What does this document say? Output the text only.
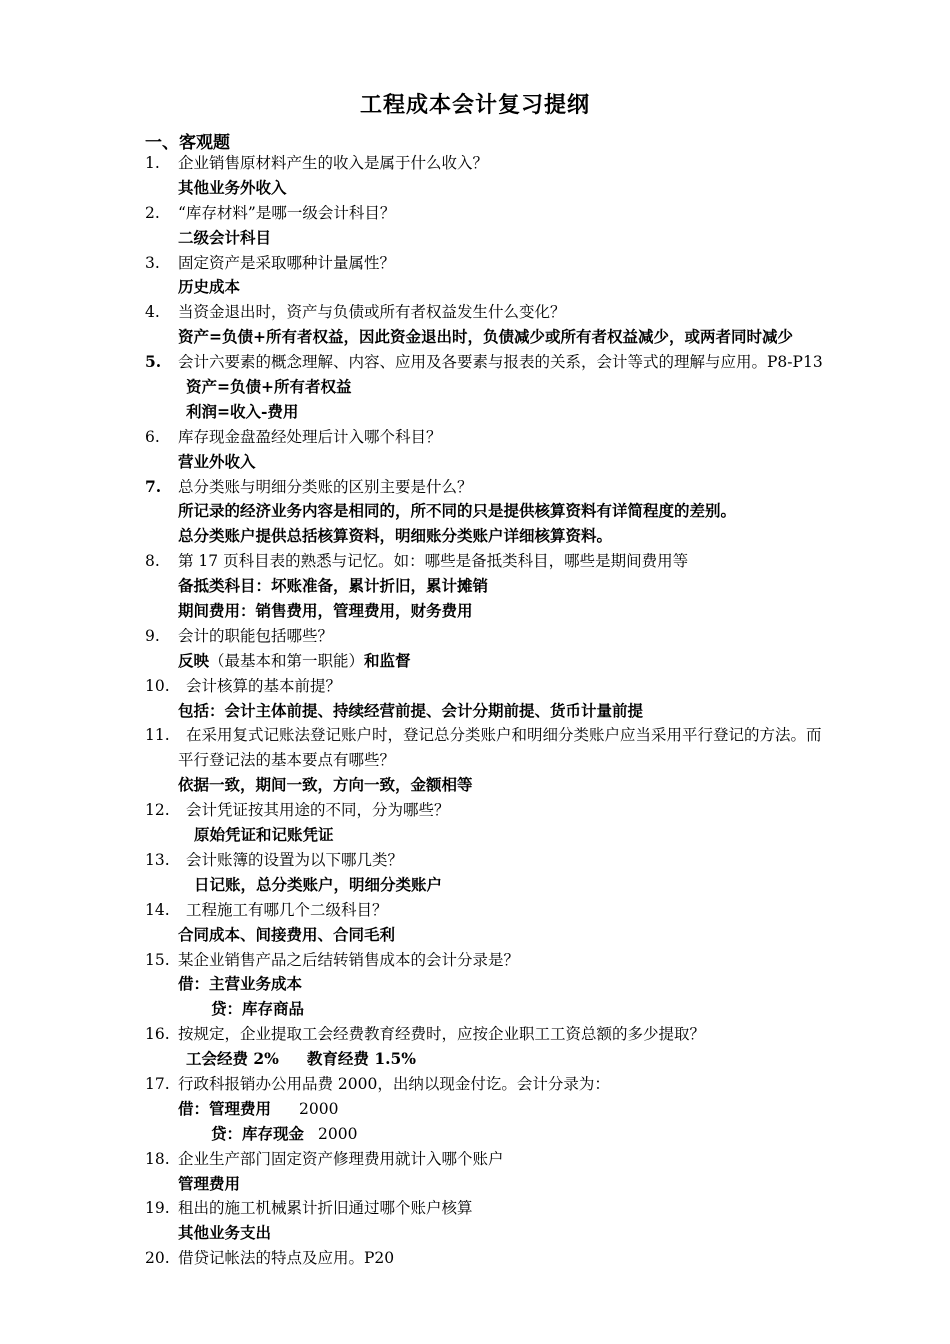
工程成本会计复习提纲
一、客观题
1. 企业销售原材料产生的收入是属于什么收入？
其他业务外收入
2. “库存材料”是哪一级会计科目？
二级会计科目
3. 固定资产是采取哪种计量属性？
历史成本
4. 当资金退出时，资产与负债或所有者权益发生什么变化？
资产=负债+所有者权益，因此资金退出时，负债减少或所有者权益减少，或两者同时减少
5. 会计六要素的概念理解、内容、应用及各要素与报表的关系，会计等式的理解与应用。P8-P13
资产=负债+所有者权益
利润=收入-费用
6. 库存现金盘盈经处理后计入哪个科目？
营业外收入
7. 总分类账与明细分类账的区别主要是什么？
所记录的经济业务内容是相同的，所不同的只是提供核算资料有详简程度的差别。
总分类账户提供总括核算资料，明细账分类账户详细核算资料。
8. 第 17 页科目表的熟悉与记忆。如：哪些是备抵类科目，哪些是期间费用等
备抵类科目：坏账准备，累计折旧，累计摊销
期间费用：销售费用，管理费用，财务费用
9. 会计的职能包括哪些？
反映（最基本和第一职能）和监督
10. 会计核算的基本前提？
包括：会计主体前提、持续经营前提、会计分期前提、货币计量前提
11. 在采用复式记账法登记账户时，登记总分类账户和明细分类账户应当采用平行登记的方法。而
平行登记法的基本要点有哪些？
依据一致，期间一致，方向一致，金额相等
12. 会计凭证按其用途的不同，分为哪些？
原始凭证和记账凭证
13. 会计账簿的设置为以下哪几类？
日记账，总分类账户，明细分类账户
14. 工程施工有哪几个二级科目？
合同成本、间接费用、合同毛利
15. 某企业销售产品之后结转销售成本的会计分录是？
借：主营业务成本
贷：库存商品
16. 按规定，企业提取工会经费教育经费时，应按企业职工工资总额的多少提取？
工会经费 2% 教育经费 1.5%
17. 行政科报销办公用品费 2000，出纳以现金付讫。会计分录为：
借：管理费用 2000
贷：库存现金 2000
18. 企业生产部门固定资产修理费用就计入哪个账户
管理费用
19. 租出的施工机械累计折旧通过哪个账户核算
其他业务支出
20. 借贷记帐法的特点及应用。P20
